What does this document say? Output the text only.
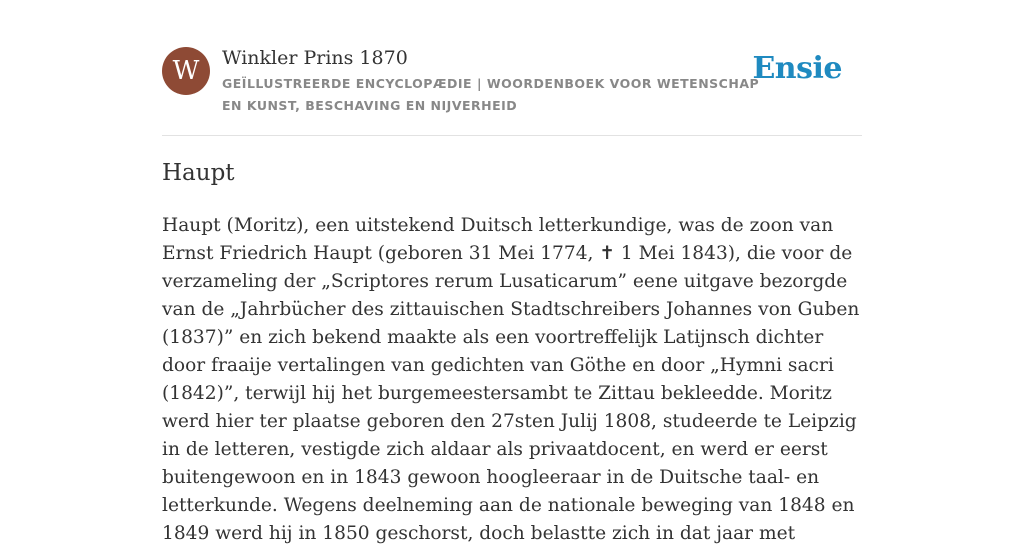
W	Winkler Prins 1870
GEÏLLUSTREERDE ENCYCLOPÆDIE | WOORDENBOEK VOOR WETENSCHAP EN KUNST, BESCHAVING EN NIJVERHEID
Ensie
Haupt

Haupt (Moritz), een uitstekend Duitsch letterkundige, was de zoon van Ernst Friedrich Haupt (geboren 31 Mei 1774, ✝ 1 Mei 1843), die voor de verzameling der „Scriptores rerum Lusaticarum” eene uitgave bezorgde van de „Jahrbücher des zittauischen Stadtschreibers Johannes von Guben (1837)” en zich bekend maakte als een voortreffelijk Latijnsch dichter door fraaije vertalingen van gedichten van Göthe en door „Hymni sacri (1842)”, terwijl hij het burgemeestersambt te Zittau bekleedde. Moritz werd hier ter plaatse geboren den 27sten Julij 1808, studeerde te Leipzig in de letteren, vestigde zich aldaar als privaatdocent, en werd er eerst buitengewoon en in 1843 gewoon hoogleeraar in de Duitsche taal- en letterkunde. Wegens deelneming aan de nationale beweging van 1848 en 1849 werd hij in 1850 geschorst, doch belastte zich in dat jaar met
